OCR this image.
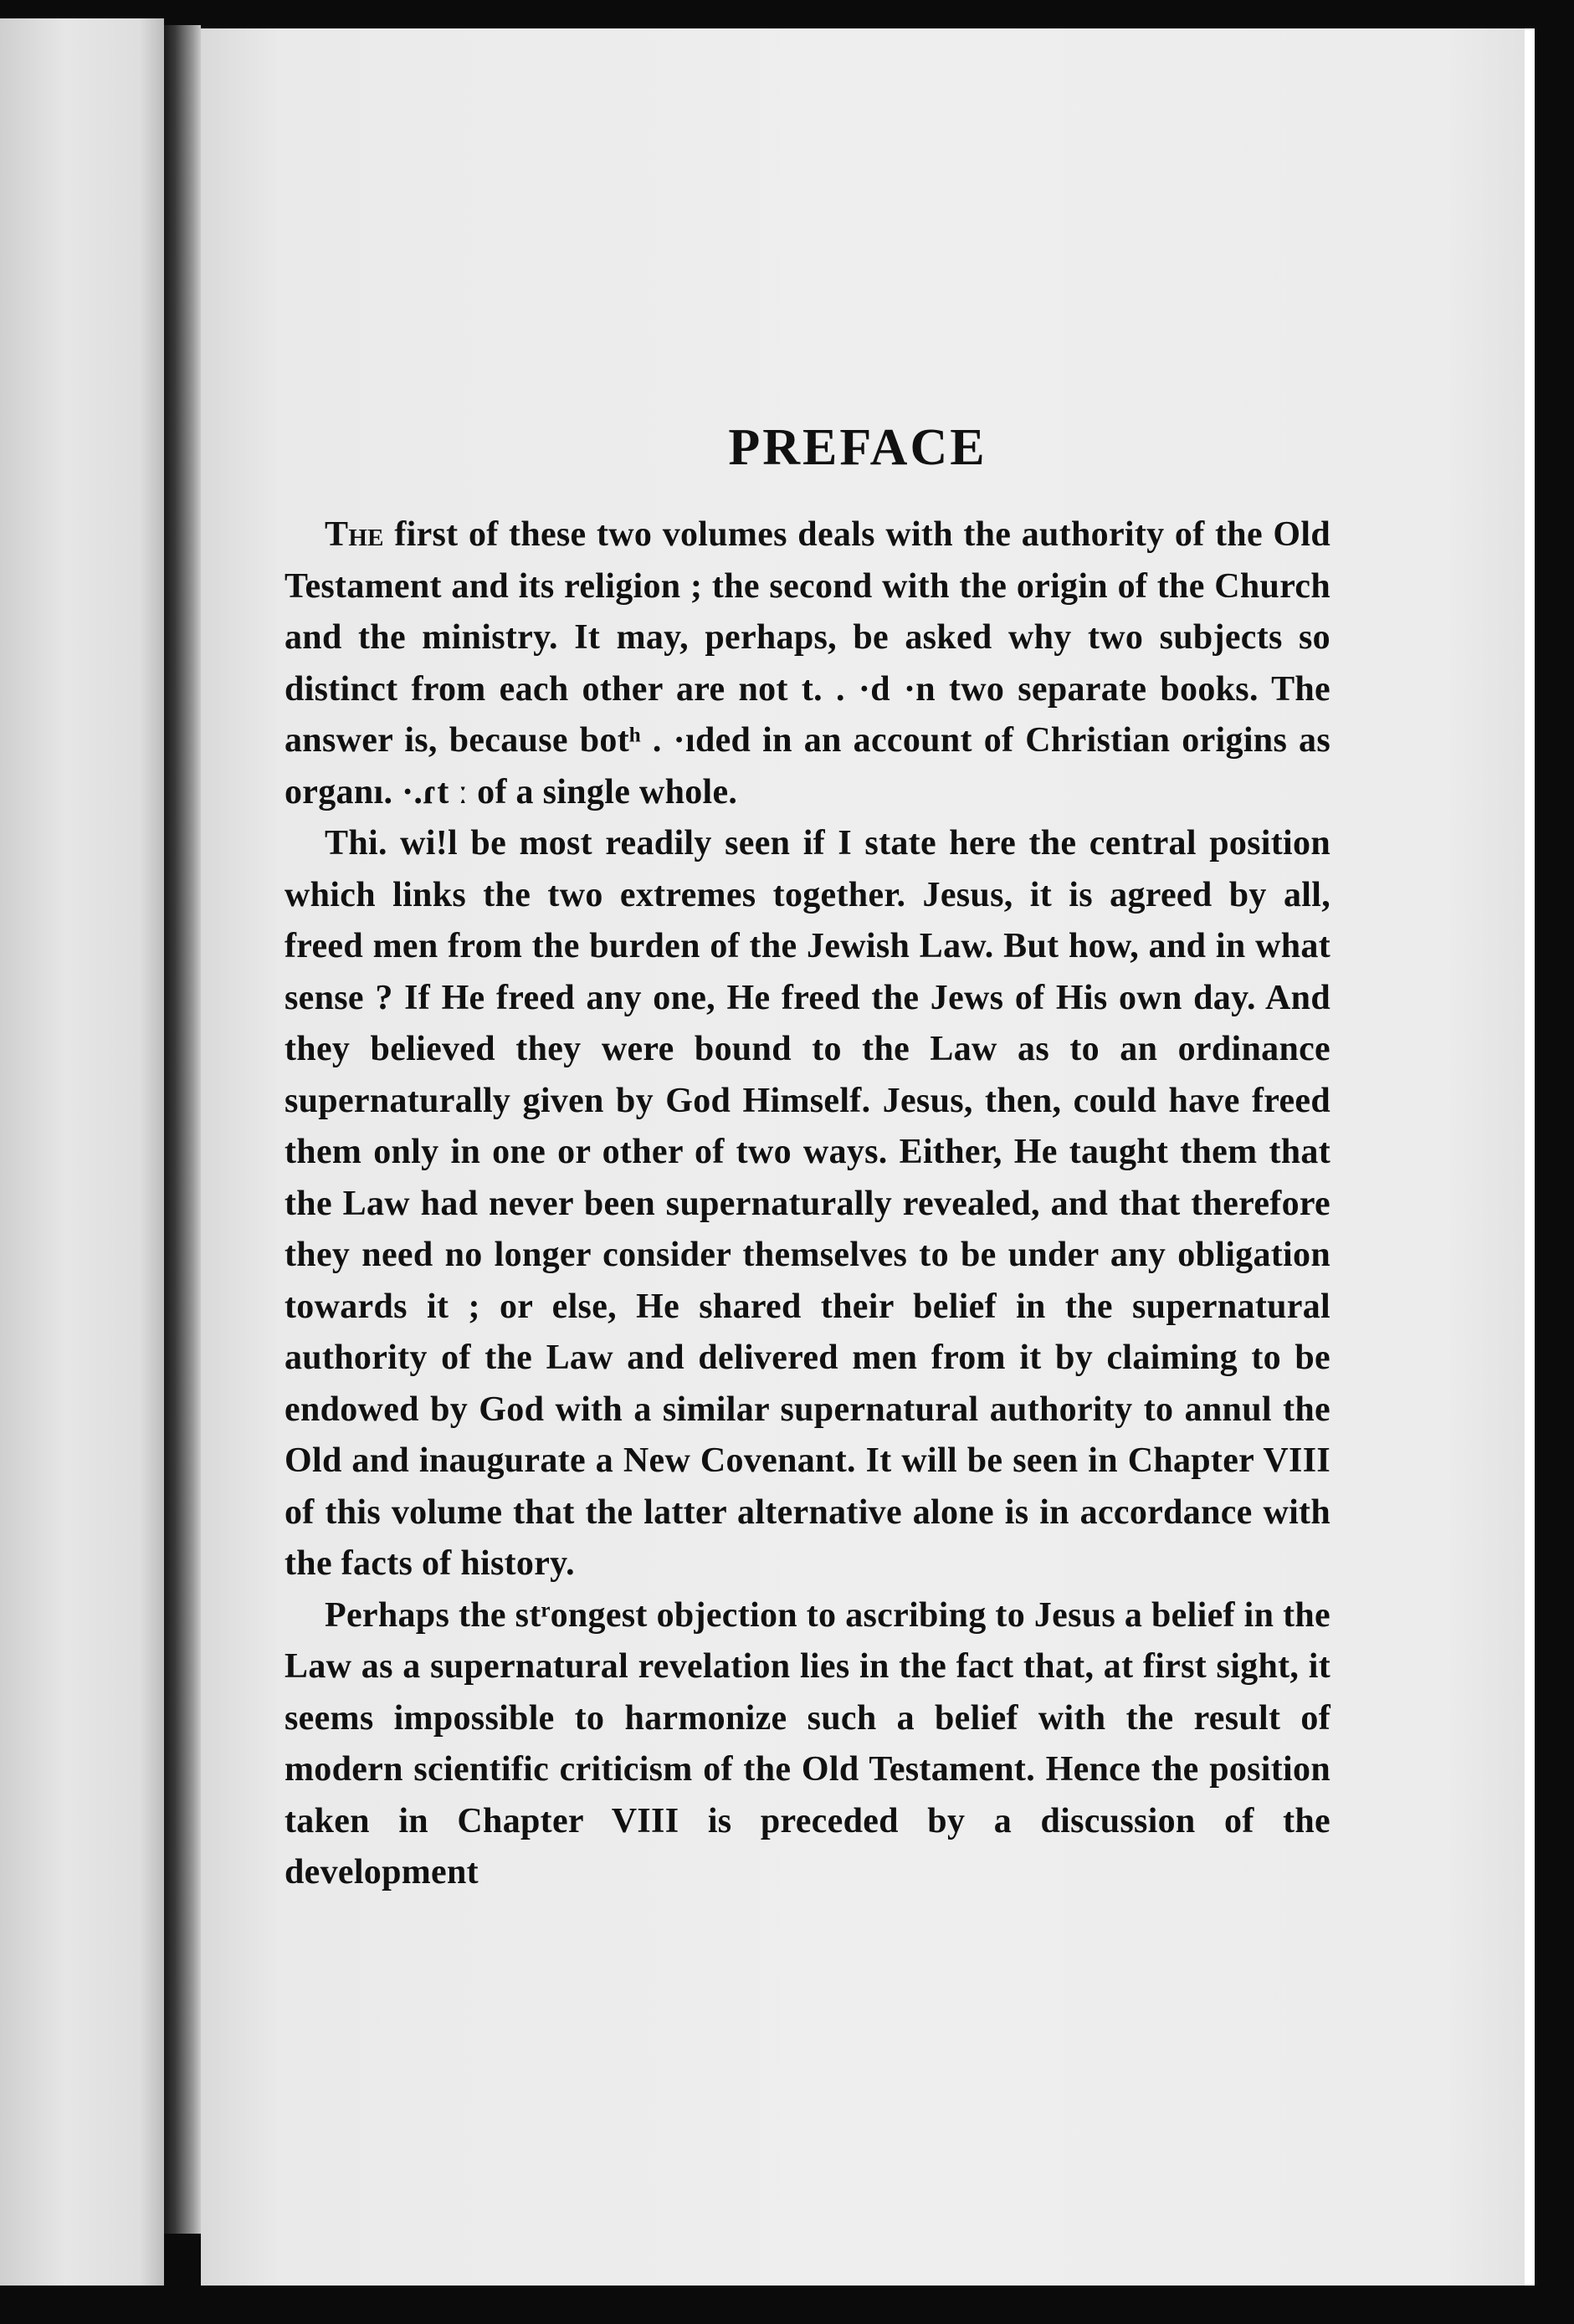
PREFACE

The first of these two volumes deals with the authority of the Old Testament and its religion ; the second with the origin of the Church and the ministry. It may, perhaps, be asked why two subjects so distinct from each other are not t. . ·d ·n two separate books. The answer is, because botʰ . ·ıded in an account of Christian origins as organı. ·.ɾt ː of a single whole.

Thi. wi!l be most readily seen if I state here the central position which links the two extremes together. Jesus, it is agreed by all, freed men from the burden of the Jewish Law. But how, and in what sense ? If He freed any one, He freed the Jews of His own day. And they believed they were bound to the Law as to an ordinance supernaturally given by God Himself. Jesus, then, could have freed them only in one or other of two ways. Either, He taught them that the Law had never been supernaturally revealed, and that therefore they need no longer consider themselves to be under any obligation towards it ; or else, He shared their belief in the supernatural authority of the Law and delivered men from it by claiming to be endowed by God with a similar supernatural authority to annul the Old and inaugurate a New Covenant. It will be seen in Chapter VIII of this volume that the latter alternative alone is in accordance with the facts of history.

Perhaps the stʳongest objection to ascribing to Jesus a belief in the Law as a supernatural revelation lies in the fact that, at first sight, it seems impossible to harmonize such a belief with the result of modern scientific criticism of the Old Testament. Hence the position taken in Chapter VIII is preceded by a discussion of the development
